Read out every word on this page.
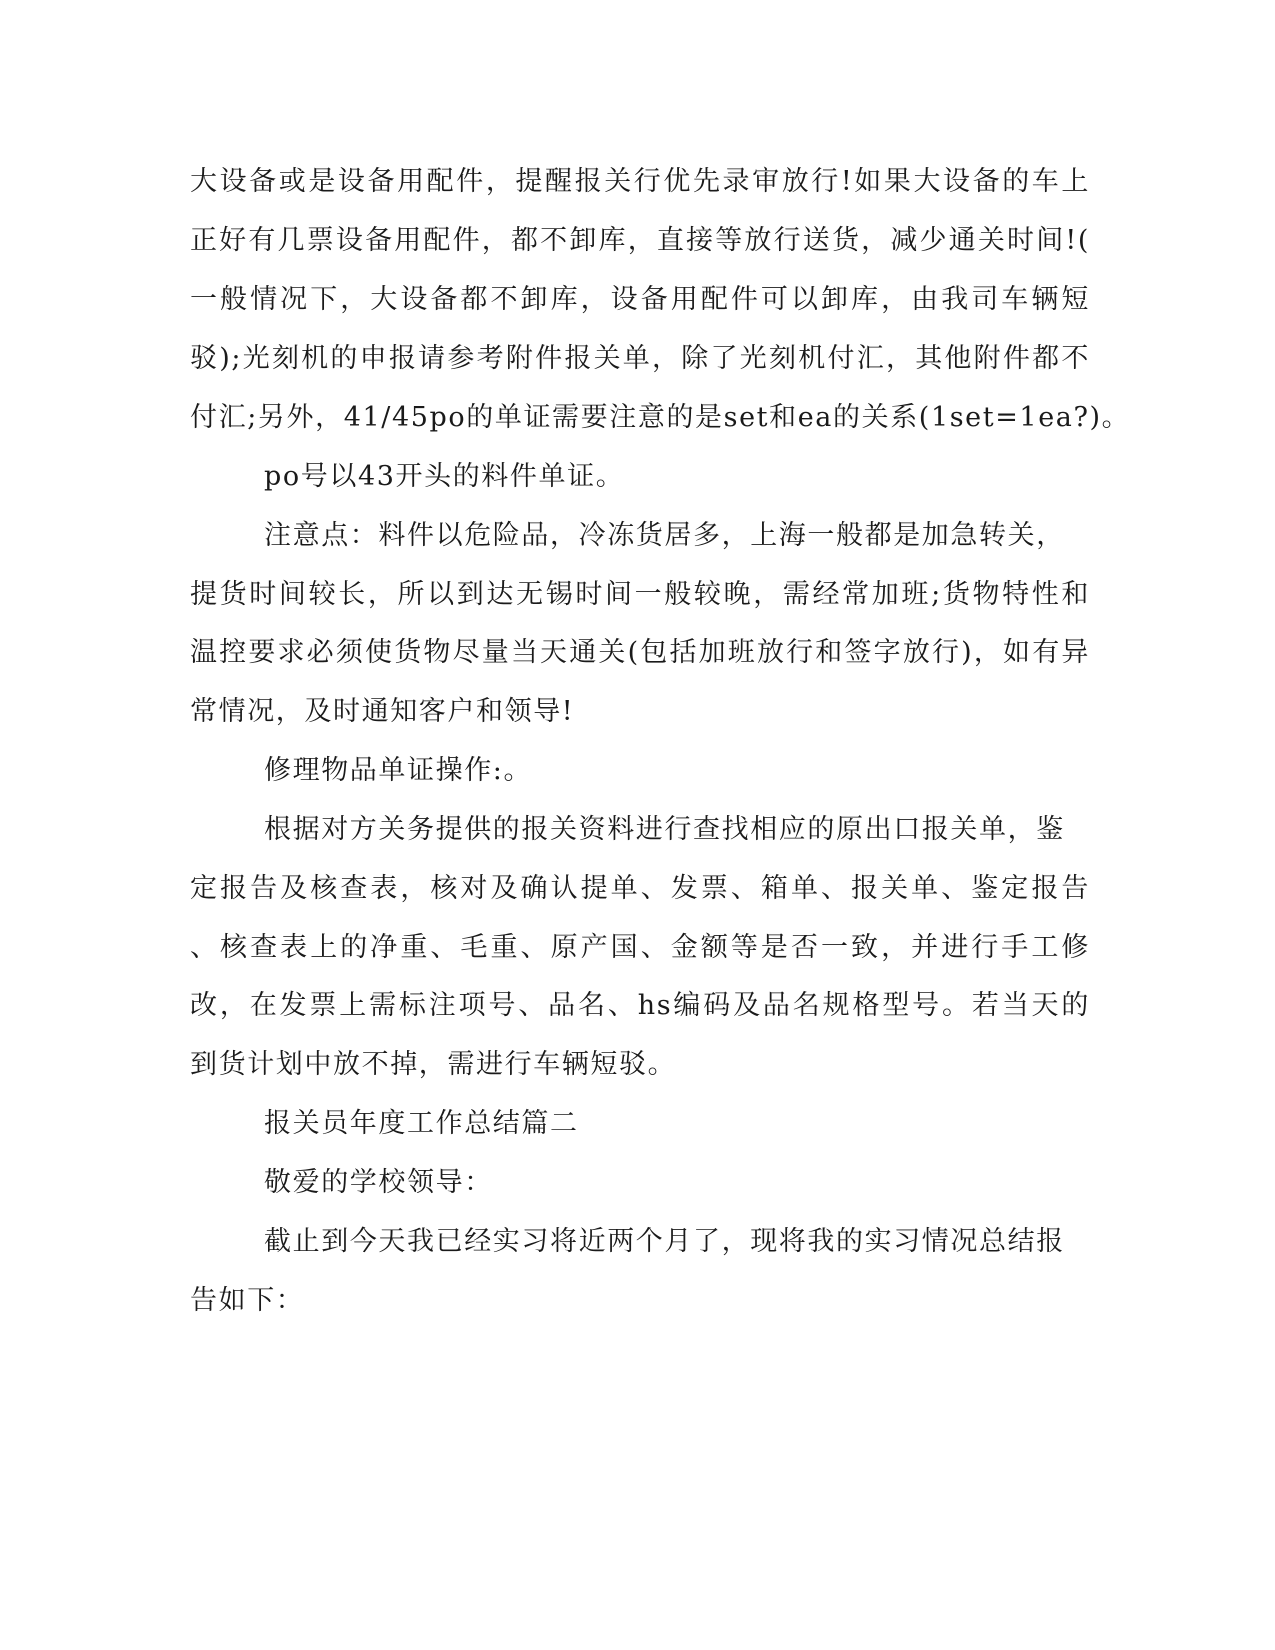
大设备或是设备用配件，提醒报关行优先录审放行!如果大设备的车上

正好有几票设备用配件，都不卸库，直接等放行送货，减少通关时间!(

一般情况下，大设备都不卸库，设备用配件可以卸库，由我司车辆短

驳);光刻机的申报请参考附件报关单，除了光刻机付汇，其他附件都不

付汇;另外，41/45po的单证需要注意的是set和ea的关系(1set=1ea?)。

po号以43开头的料件单证。

注意点：料件以危险品，冷冻货居多，上海一般都是加急转关，

提货时间较长，所以到达无锡时间一般较晚，需经常加班;货物特性和

温控要求必须使货物尽量当天通关(包括加班放行和签字放行)，如有异

常情况，及时通知客户和领导!

修理物品单证操作:。

根据对方关务提供的报关资料进行查找相应的原出口报关单，鉴

定报告及核查表，核对及确认提单、发票、箱单、报关单、鉴定报告

、核查表上的净重、毛重、原产国、金额等是否一致，并进行手工修

改，在发票上需标注项号、品名、hs编码及品名规格型号。若当天的

到货计划中放不掉，需进行车辆短驳。

报关员年度工作总结篇二

敬爱的学校领导：

截止到今天我已经实习将近两个月了，现将我的实习情况总结报

告如下：
